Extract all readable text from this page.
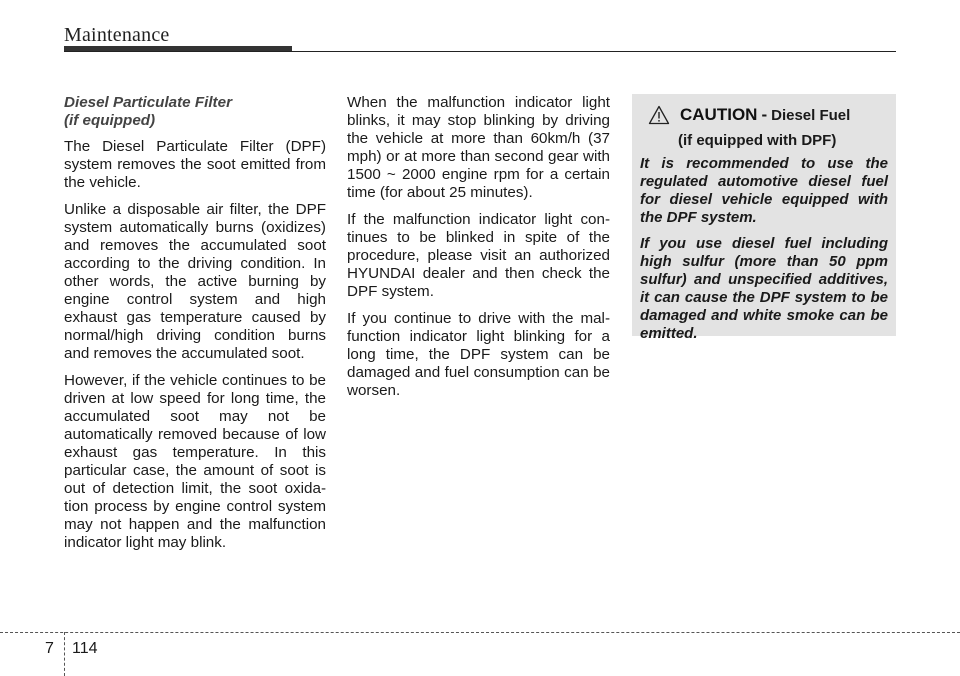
Maintenance
Diesel Particulate Filter
(if equipped)

The Diesel Particulate Filter (DPF) system removes the soot emitted from the vehicle.

Unlike a disposable air filter, the DPF system automatically burns (oxidizes) and removes the accumulated soot according to the driving condition. In other words, the active burning by engine control system and high exhaust gas temperature caused by normal/high driving condition burns and removes the accumulated soot.

However, if the vehicle continues to be driven at low speed for long time, the accumulated soot may not be automatically removed because of low exhaust gas temperature. In this particular case, the amount of soot is out of detection limit, the soot oxidation process by engine control system may not happen and the malfunction indicator light may blink.

When the malfunction indicator light blinks, it may stop blinking by driving the vehicle at more than 60km/h (37 mph) or at more than second gear with 1500 ~ 2000 engine rpm for a certain time (for about 25 minutes).

If the malfunction indicator light continues to be blinked in spite of the procedure, please visit an authorized HYUNDAI dealer and then check the DPF system.

If you continue to drive with the malfunction indicator light blinking for a long time, the DPF system can be damaged and fuel consumption can be worsen.

CAUTION - Diesel Fuel
(if equipped with DPF)

It is recommended to use the regulated automotive diesel fuel for diesel vehicle equipped with the DPF system.

If you use diesel fuel including high sulfur (more than 50 ppm sulfur) and unspecified additives, it can cause the DPF system to be damaged and white smoke can be emitted.

7 114
